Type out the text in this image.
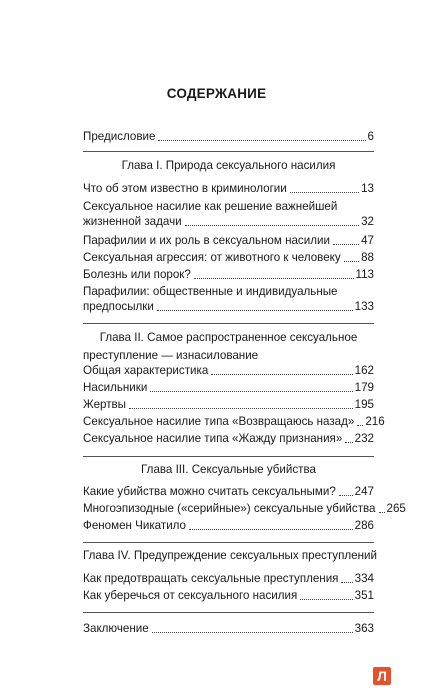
СОДЕРЖАНИЕ
Предисловие	6
Глава I. Природа сексуального насилия
Что об этом известно в криминологии	13
Сексуальное насилие как решение важнейшей
жизненной задачи	32
Парафилии и их роль в сексуальном насилии	47
Сексуальная агрессия: от животного к человеку 88
Болезнь или порок?	113
Парафилии: общественные и индивидуальные
предпосылки	133
Глава II. Самое распространенное сексуальное
преступление — изнасилование
Общая характеристика	162
Насильники	179
Жертвы	195
Сексуальное насилие типа «Возвращаюсь назад» 216
Сексуальное насилие типа «Жажду признания» 232
Глава III. Сексуальные убийства
Какие убийства можно считать сексуальными? 247
Многоэпизодные («серийные») сексуальные убийства 265
Феномен Чикатило	286
Глава IV. Предупреждение сексуальных преступлений
Как предотвращать сексуальные преступления 334
Как уберечься от сексуального насилия	351
Заключение	363
Л
